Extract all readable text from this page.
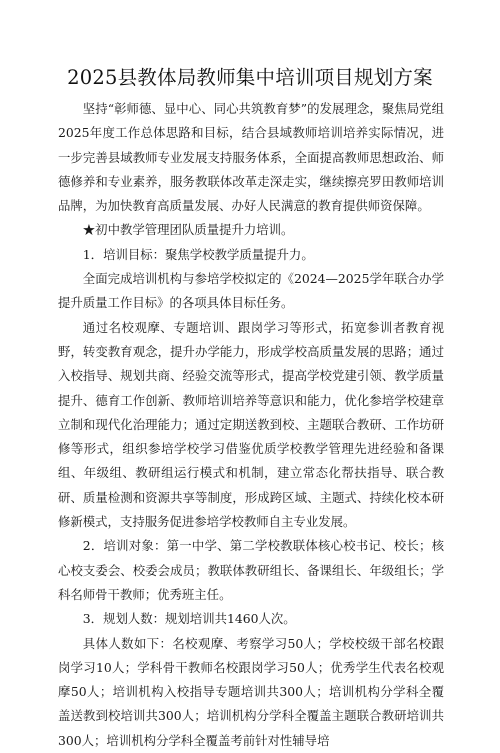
2025县教体局教师集中培训项目规划方案

坚持“彰师德、显中心、同心共筑教育梦”的发展理念，聚焦局党组2025年度工作总体思路和目标，结合县域教师培训培养实际情况，进一步完善县域教师专业发展支持服务体系，全面提高教师思想政治、师德修养和专业素养，服务教联体改革走深走实，继续擦亮罗田教师培训品牌，为加快教育高质量发展、办好人民满意的教育提供师资保障。

★初中教学管理团队质量提升力培训。

1．培训目标：聚焦学校教学质量提升力。

全面完成培训机构与参培学校拟定的《2024—2025学年联合办学提升质量工作目标》的各项具体目标任务。

通过名校观摩、专题培训、跟岗学习等形式，拓宽参训者教育视野，转变教育观念，提升办学能力，形成学校高质量发展的思路；通过入校指导、规划共商、经验交流等形式，提高学校党建引领、教学质量提升、德育工作创新、教师培训培养等意识和能力，优化参培学校建章立制和现代化治理能力；通过定期送教到校、主题联合教研、工作坊研修等形式，组织参培学校学习借鉴优质学校教学管理先进经验和备课组、年级组、教研组运行模式和机制，建立常态化帮扶指导、联合教研、质量检测和资源共享等制度，形成跨区域、主题式、持续化校本研修新模式，支持服务促进参培学校教师自主专业发展。

2．培训对象：第一中学、第二学校教联体核心校书记、校长；核心校支委会、校委会成员；教联体教研组长、备课组长、年级组长；学科名师骨干教师；优秀班主任。

3．规划人数：规划培训共1460人次。

具体人数如下：名校观摩、考察学习50人；学校校级干部名校跟岗学习10人；学科骨干教师名校跟岗学习50人；优秀学生代表名校观摩50人；培训机构入校指导专题培训共300人；培训机构分学科全覆盖送教到校培训共300人；培训机构分学科全覆盖主题联合教研培训共300人；培训机构分学科全覆盖考前针对性辅导培
